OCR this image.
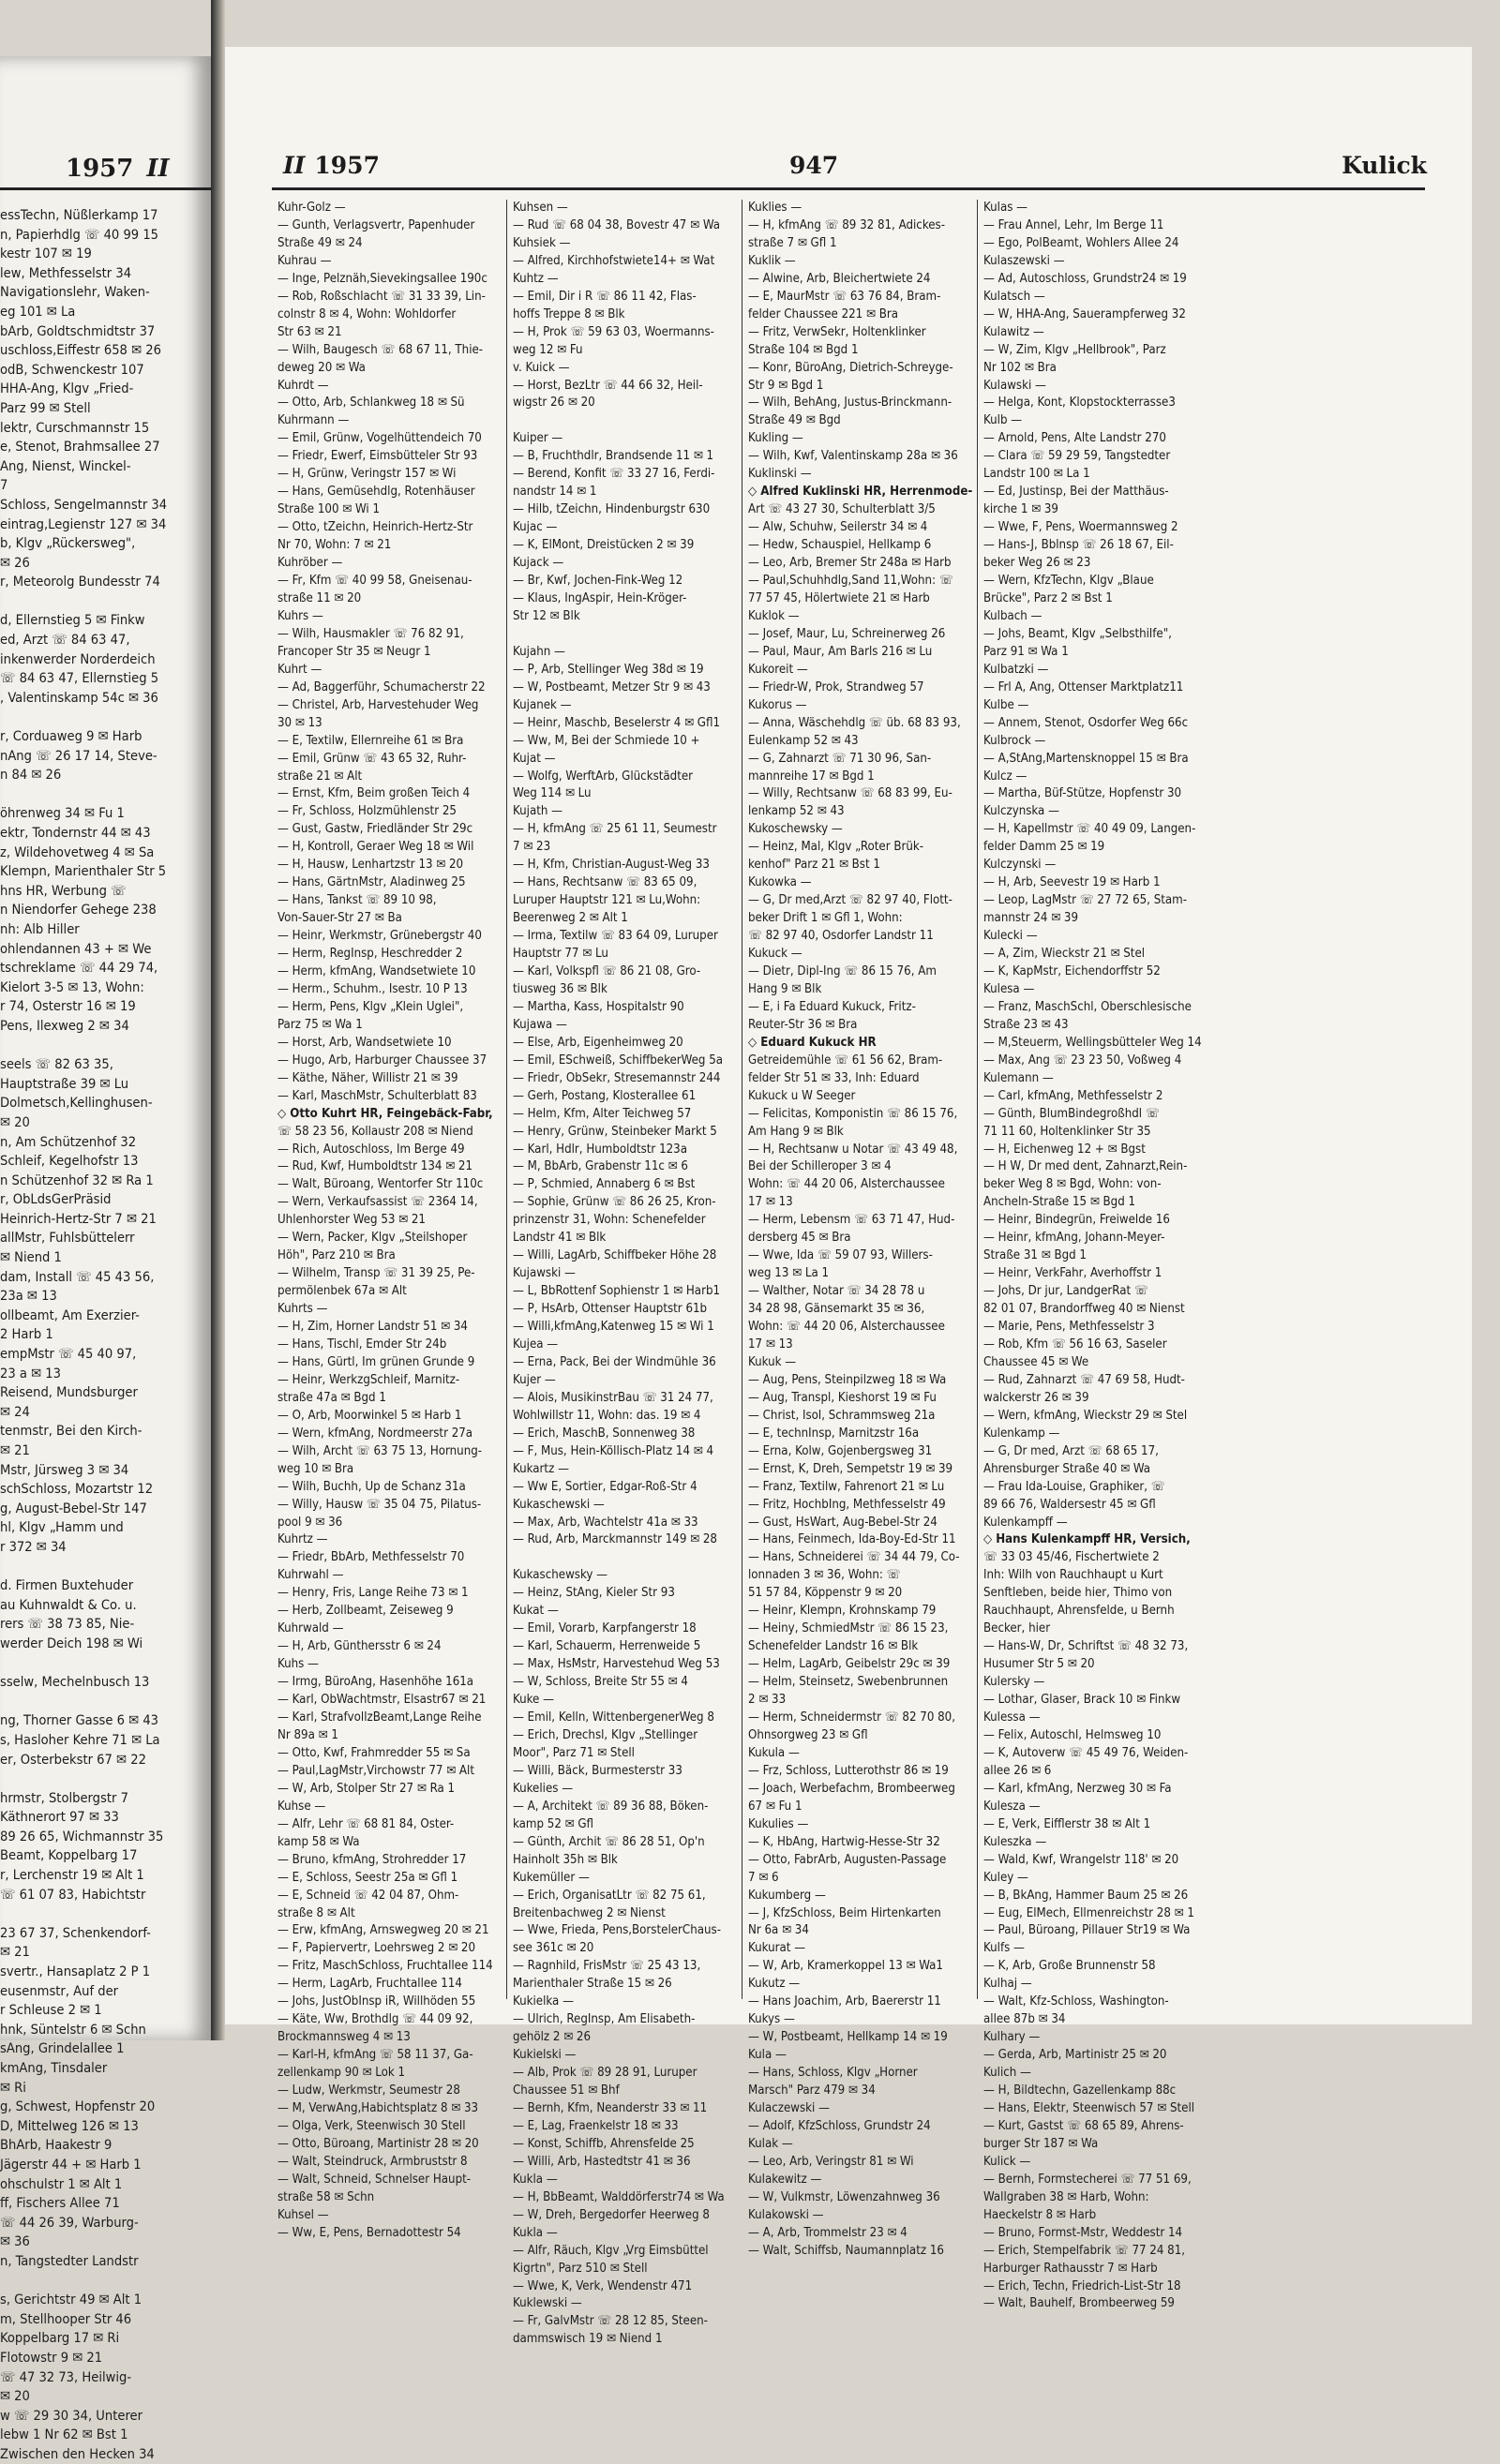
1957 II
essTechn, Nüßlerkamp 17
n, Papierhdlg ☏ 40 99 15
kestr 107 ✉ 19
lew, Methfesselstr 34
Navigationslehr, Waken-
eg 101 ✉ La
bArb, Goldtschmidtstr 37
uschloss,Eiffestr 658 ✉ 26
odB, Schwenckestr 107
HHA-Ang, Klgv „Fried-
Parz 99 ✉ Stell
lektr, Curschmannstr 15
e, Stenot, Brahmsallee 27
Ang, Nienst, Winckel-
7
Schloss, Sengelmannstr 34
eintrag,Legienstr 127 ✉ 34
b, Klgv „Rückersweg",
✉ 26
r, Meteorolg Bundesstr 74

d, Ellernstieg 5 ✉ Finkw
ed, Arzt ☏ 84 63 47,
inkenwerder Norderdeich
☏ 84 63 47, Ellernstieg 5
, Valentinskamp 54c ✉ 36

r, Corduaweg 9 ✉ Harb
nAng ☏ 26 17 14, Steve-
n 84 ✉ 26

öhrenweg 34 ✉ Fu 1
ektr, Tondernstr 44 ✉ 43
z, Wildehovetweg 4 ✉ Sa
Klempn, Marienthaler Str 5
hns HR, Werbung ☏
n Niendorfer Gehege 238
nh: Alb Hiller
ohlendannen 43 + ✉ We
tschreklame ☏ 44 29 74,
Kielort 3-5 ✉ 13, Wohn:
r 74, Osterstr 16 ✉ 19
Pens, Ilexweg 2 ✉ 34

seels ☏ 82 63 35,
Hauptstraße 39 ✉ Lu
Dolmetsch,Kellinghusen-
✉ 20
n, Am Schützenhof 32
Schleif, Kegelhofstr 13
n Schützenhof 32 ✉ Ra 1
r, ObLdsGerPräsid
Heinrich-Hertz-Str 7 ✉ 21
allMstr, Fuhlsbüttelerr
✉ Niend 1
dam, Install ☏ 45 43 56,
23a ✉ 13
ollbeamt, Am Exerzier-
2 Harb 1
empMstr ☏ 45 40 97,
23 a ✉ 13
Reisend, Mundsburger
✉ 24
tenmstr, Bei den Kirch-
✉ 21
Mstr, Jürsweg 3 ✉ 34
schSchloss, Mozartstr 12
g, August-Bebel-Str 147
hl, Klgv „Hamm und
r 372 ✉ 34

d. Firmen Buxtehuder
au Kuhnwaldt & Co. u.
rers ☏ 38 73 85, Nie-
werder Deich 198 ✉ Wi

sselw, Mechelnbusch 13

ng, Thorner Gasse 6 ✉ 43
s, Hasloher Kehre 71 ✉ La
er, Osterbekstr 67 ✉ 22

hrmstr, Stolbergstr 7
Käthnerort 97 ✉ 33
89 26 65, Wichmannstr 35
Beamt, Koppelbarg 17
r, Lerchenstr 19 ✉ Alt 1
☏ 61 07 83, Habichtstr

23 67 37, Schenkendorf-
✉ 21
svertr., Hansaplatz 2 P 1
eusenmstr, Auf der
r Schleuse 2 ✉ 1
hnk, Süntelstr 6 ✉ Schn
sAng, Grindelallee 1
kmAng, Tinsdaler
✉ Ri
g, Schwest, Hopfenstr 20
D, Mittelweg 126 ✉ 13
BhArb, Haakestr 9
Jägerstr 44 + ✉ Harb 1
ohschulstr 1 ✉ Alt 1
ff, Fischers Allee 71
☏ 44 26 39, Warburg-
✉ 36
n, Tangstedter Landstr

s, Gerichtstr 49 ✉ Alt 1
m, Stellhooper Str 46
Koppelbarg 17 ✉ Ri
Flotowstr 9 ✉ 21
☏ 47 32 73, Heilwig-
✉ 20
w ☏ 29 30 34, Unterer
lebw 1 Nr 62 ✉ Bst 1
Zwischen den Hecken 34
II 1957	947	Kulick
Kuhr-Golz —
— Gunth, Verlagsvertr, Papenhuder
Straße 49 ✉ 24
Kuhrau —
— Inge, Pelznäh,Sievekingsallee 190c
— Rob, Roßschlacht ☏ 31 33 39, Lin-
colnstr 8 ✉ 4, Wohn: Wohldorfer
Str 63 ✉ 21
— Wilh, Baugesch ☏ 68 67 11, Thie-
deweg 20 ✉ Wa
Kuhrdt —
— Otto, Arb, Schlankweg 18 ✉ Sü
Kuhrmann —
— Emil, Grünw, Vogelhüttendeich 70
— Friedr, Ewerf, Eimsbütteler Str 93
— H, Grünw, Veringstr 157 ✉ Wi
— Hans, Gemüsehdlg, Rotenhäuser
Straße 100 ✉ Wi 1
— Otto, tZeichn, Heinrich-Hertz-Str
Nr 70, Wohn: 7 ✉ 21
Kuhröber —
— Fr, Kfm ☏ 40 99 58, Gneisenau-
straße 11 ✉ 20
Kuhrs —
— Wilh, Hausmakler ☏ 76 82 91,
Francoper Str 35 ✉ Neugr 1
Kuhrt —
— Ad, Baggerführ, Schumacherstr 22
— Christel, Arb, Harvestehuder Weg
30 ✉ 13
— E, Textilw, Ellernreihe 61 ✉ Bra
— Emil, Grünw ☏ 43 65 32, Ruhr-
straße 21 ✉ Alt
— Ernst, Kfm, Beim großen Teich 4
— Fr, Schloss, Holzmühlenstr 25
— Gust, Gastw, Friedländer Str 29c
— H, Kontroll, Geraer Weg 18 ✉ Wil
— H, Hausw, Lenhartzstr 13 ✉ 20
— Hans, GärtnMstr, Aladinweg 25
— Hans, Tankst ☏ 89 10 98,
Von-Sauer-Str 27 ✉ Ba
— Heinr, Werkmstr, Grünebergstr 40
— Herm, RegInsp, Heschredder 2
— Herm, kfmAng, Wandsetwiete 10
— Herm., Schuhm., Isestr. 10 P 13
— Herm, Pens, Klgv „Klein Uglei",
Parz 75 ✉ Wa 1
— Horst, Arb, Wandsetwiete 10
— Hugo, Arb, Harburger Chaussee 37
— Käthe, Näher, Willistr 21 ✉ 39
— Karl, MaschMstr, Schulterblatt 83
◇ Otto Kuhrt HR, Feingebäck-Fabr,
☏ 58 23 56, Kollaustr 208 ✉ Niend
— Rich, Autoschloss, Im Berge 49
— Rud, Kwf, Humboldtstr 134 ✉ 21
— Walt, Büroang, Wentorfer Str 110c
— Wern, Verkaufsassist ☏ 2364 14,
Uhlenhorster Weg 53 ✉ 21
— Wern, Packer, Klgv „Steilshoper
Höh", Parz 210 ✉ Bra
— Wilhelm, Transp ☏ 31 39 25, Pe-
permölenbek 67a ✉ Alt
Kuhrts —
— H, Zim, Horner Landstr 51 ✉ 34
— Hans, Tischl, Emder Str 24b
— Hans, Gürtl, Im grünen Grunde 9
— Heinr, WerkzgSchleif, Marnitz-
straße 47a ✉ Bgd 1
— O, Arb, Moorwinkel 5 ✉ Harb 1
— Wern, kfmAng, Nordmeerstr 27a
— Wilh, Archt ☏ 63 75 13, Hornung-
weg 10 ✉ Bra
— Wilh, Buchh, Up de Schanz 31a
— Willy, Hausw ☏ 35 04 75, Pilatus-
pool 9 ✉ 36
Kuhrtz —
— Friedr, BbArb, Methfesselstr 70
Kuhrwahl —
— Henry, Fris, Lange Reihe 73 ✉ 1
— Herb, Zollbeamt, Zeiseweg 9
Kuhrwald —
— H, Arb, Günthersstr 6 ✉ 24
Kuhs —
— Irmg, BüroAng, Hasenhöhe 161a
— Karl, ObWachtmstr, Elsastr67 ✉ 21
— Karl, StrafvollzBeamt,Lange Reihe
Nr 89a ✉ 1
— Otto, Kwf, Frahmredder 55 ✉ Sa
— Paul,LagMstr,Virchowstr 77 ✉ Alt
— W, Arb, Stolper Str 27 ✉ Ra 1
Kuhse —
— Alfr, Lehr ☏ 68 81 84, Oster-
kamp 58 ✉ Wa
— Bruno, kfmAng, Strohredder 17
— E, Schloss, Seestr 25a ✉ Gfl 1
— E, Schneid ☏ 42 04 87, Ohm-
straße 8 ✉ Alt
— Erw, kfmAng, Arnswegweg 20 ✉ 21
— F, Papiervertr, Loehrsweg 2 ✉ 20
— Fritz, MaschSchloss, Fruchtallee 114
— Herm, LagArb, Fruchtallee 114
— Johs, JustObInsp iR, Willhöden 55
— Käte, Ww, Brothdlg ☏ 44 09 92,
Brockmannsweg 4 ✉ 13
— Karl-H, kfmAng ☏ 58 11 37, Ga-
zellenkamp 90 ✉ Lok 1
— Ludw, Werkmstr, Seumestr 28
— M, VerwAng,Habichtsplatz 8 ✉ 33
— Olga, Verk, Steenwisch 30 Stell
— Otto, Büroang, Martinistr 28 ✉ 20
— Walt, Steindruck, Armbruststr 8
— Walt, Schneid, Schnelser Haupt-
straße 58 ✉ Schn
Kuhsel —
— Ww, E, Pens, Bernadottestr 54
Kuhsen —
— Rud ☏ 68 04 38, Bovestr 47 ✉ Wa
Kuhsiek —
— Alfred, Kirchhofstwiete14+ ✉ Wat
Kuhtz —
— Emil, Dir i R ☏ 86 11 42, Flas-
hoffs Treppe 8 ✉ Blk
— H, Prok ☏ 59 63 03, Woermanns-
weg 12 ✉ Fu
v. Kuick —
— Horst, BezLtr ☏ 44 66 32, Heil-
wigstr 26 ✉ 20

Kuiper —
— B, Fruchthdlr, Brandsende 11 ✉ 1
— Berend, Konfit ☏ 33 27 16, Ferdi-
nandstr 14 ✉ 1
— Hilb, tZeichn, Hindenburgstr 630
Kujac —
— K, ElMont, Dreistücken 2 ✉ 39
Kujack —
— Br, Kwf, Jochen-Fink-Weg 12
— Klaus, IngAspir, Hein-Kröger-
Str 12 ✉ Blk

Kujahn —
— P, Arb, Stellinger Weg 38d ✉ 19
— W, Postbeamt, Metzer Str 9 ✉ 43
Kujanek —
— Heinr, Maschb, Beselerstr 4 ✉ Gfl1
— Ww, M, Bei der Schmiede 10 +
Kujat —
— Wolfg, WerftArb, Glückstädter
Weg 114 ✉ Lu
Kujath —
— H, kfmAng ☏ 25 61 11, Seumestr
7 ✉ 23
— H, Kfm, Christian-August-Weg 33
— Hans, Rechtsanw ☏ 83 65 09,
Luruper Hauptstr 121 ✉ Lu,Wohn:
Beerenweg 2 ✉ Alt 1
— Irma, Textilw ☏ 83 64 09, Luruper
Hauptstr 77 ✉ Lu
— Karl, Volkspfl ☏ 86 21 08, Gro-
tiusweg 36 ✉ Blk
— Martha, Kass, Hospitalstr 90
Kujawa —
— Else, Arb, Eigenheimweg 20
— Emil, ESchweiß, SchiffbekerWeg 5a
— Friedr, ObSekr, Stresemannstr 244
— Gerh, Postang, Klosterallee 61
— Helm, Kfm, Alter Teichweg 57
— Henry, Grünw, Steinbeker Markt 5
— Karl, Hdlr, Humboldtstr 123a
— M, BbArb, Grabenstr 11c ✉ 6
— P, Schmied, Annaberg 6 ✉ Bst
— Sophie, Grünw ☏ 86 26 25, Kron-
prinzenstr 31, Wohn: Schenefelder
Landstr 41 ✉ Blk
— Willi, LagArb, Schiffbeker Höhe 28
Kujawski —
— L, BbRottenf Sophienstr 1 ✉ Harb1
— P, HsArb, Ottenser Hauptstr 61b
— Willi,kfmAng,Katenweg 15 ✉ Wi 1
Kujea —
— Erna, Pack, Bei der Windmühle 36
Kujer —
— Alois, MusikinstrBau ☏ 31 24 77,
Wohlwillstr 11, Wohn: das. 19 ✉ 4
— Erich, MaschB, Sonnenweg 38
— F, Mus, Hein-Köllisch-Platz 14 ✉ 4
Kukartz —
— Ww E, Sortier, Edgar-Roß-Str 4
Kukaschewski —
— Max, Arb, Wachtelstr 41a ✉ 33
— Rud, Arb, Marckmannstr 149 ✉ 28

Kukaschewsky —
— Heinz, StAng, Kieler Str 93
Kukat —
— Emil, Vorarb, Karpfangerstr 18
— Karl, Schauerm, Herrenweide 5
— Max, HsMstr, Harvestehud Weg 53
— W, Schloss, Breite Str 55 ✉ 4
Kuke —
— Emil, Kelln, WittenbergenerWeg 8
— Erich, Drechsl, Klgv „Stellinger
Moor", Parz 71 ✉ Stell
— Willi, Bäck, Burmesterstr 33
Kukelies —
— A, Architekt ☏ 89 36 88, Böken-
kamp 52 ✉ Gfl
— Günth, Archit ☏ 86 28 51, Op'n
Hainholt 35h ✉ Blk
Kukemüller —
— Erich, OrganisatLtr ☏ 82 75 61,
Breitenbachweg 2 ✉ Nienst
— Wwe, Frieda, Pens,BorstelerChaus-
see 361c ✉ 20
— Ragnhild, FrisMstr ☏ 25 43 13,
Marienthaler Straße 15 ✉ 26
Kukielka —
— Ulrich, RegInsp, Am Elisabeth-
gehölz 2 ✉ 26
Kukielski —
— Alb, Prok ☏ 89 28 91, Luruper
Chaussee 51 ✉ Bhf
— Bernh, Kfm, Neanderstr 33 ✉ 11
— E, Lag, Fraenkelstr 18 ✉ 33
— Konst, Schiffb, Ahrensfelde 25
— Willi, Arb, Hastedtstr 41 ✉ 36
Kukla —
— H, BbBeamt, Walddörferstr74 ✉ Wa
— W, Dreh, Bergedorfer Heerweg 8
Kukla —
— Alfr, Räuch, Klgv „Vrg Eimsbüttel
Kigrtn", Parz 510 ✉ Stell
— Wwe, K, Verk, Wendenstr 471
Kuklewski —
— Fr, GalvMstr ☏ 28 12 85, Steen-
dammswisch 19 ✉ Niend 1
Kuklies —
— H, kfmAng ☏ 89 32 81, Adickes-
straße 7 ✉ Gfl 1
Kuklik —
— Alwine, Arb, Bleichertwiete 24
— E, MaurMstr ☏ 63 76 84, Bram-
felder Chaussee 221 ✉ Bra
— Fritz, VerwSekr, Holtenklinker
Straße 104 ✉ Bgd 1
— Konr, BüroAng, Dietrich-Schreyge-
Str 9 ✉ Bgd 1
— Wilh, BehAng, Justus-Brinckmann-
Straße 49 ✉ Bgd
Kukling —
— Wilh, Kwf, Valentinskamp 28a ✉ 36
Kuklinski —
◇ Alfred Kuklinski HR, Herrenmode-
Art ☏ 43 27 30, Schulterblatt 3/5
— Alw, Schuhw, Seilerstr 34 ✉ 4
— Hedw, Schauspiel, Hellkamp 6
— Leo, Arb, Bremer Str 248a ✉ Harb
— Paul,Schuhhdlg,Sand 11,Wohn: ☏
77 57 45, Hölertwiete 21 ✉ Harb
Kuklok —
— Josef, Maur, Lu, Schreinerweg 26
— Paul, Maur, Am Barls 216 ✉ Lu
Kukoreit —
— Friedr-W, Prok, Strandweg 57
Kukorus —
— Anna, Wäschehdlg ☏ üb. 68 83 93,
Eulenkamp 52 ✉ 43
— G, Zahnarzt ☏ 71 30 96, San-
mannreihe 17 ✉ Bgd 1
— Willy, Rechtsanw ☏ 68 83 99, Eu-
lenkamp 52 ✉ 43
Kukoschewsky —
— Heinz, Mal, Klgv „Roter Brük-
kenhof" Parz 21 ✉ Bst 1
Kukowka —
— G, Dr med,Arzt ☏ 82 97 40, Flott-
beker Drift 1 ✉ Gfl 1, Wohn:
☏ 82 97 40, Osdorfer Landstr 11
Kukuck —
— Dietr, Dipl-Ing ☏ 86 15 76, Am
Hang 9 ✉ Blk
— E, i Fa Eduard Kukuck, Fritz-
Reuter-Str 36 ✉ Bra
◇ Eduard Kukuck HR
Getreidemühle ☏ 61 56 62, Bram-
felder Str 51 ✉ 33, Inh: Eduard
Kukuck u W Seeger
— Felicitas, Komponistin ☏ 86 15 76,
Am Hang 9 ✉ Blk
— H, Rechtsanw u Notar ☏ 43 49 48,
Bei der Schilleroper 3 ✉ 4
Wohn: ☏ 44 20 06, Alsterchaussee
17 ✉ 13
— Herm, Lebensm ☏ 63 71 47, Hud-
dersberg 45 ✉ Bra
— Wwe, Ida ☏ 59 07 93, Willers-
weg 13 ✉ La 1
— Walther, Notar ☏ 34 28 78 u
34 28 98, Gänsemarkt 35 ✉ 36,
Wohn: ☏ 44 20 06, Alsterchaussee
17 ✉ 13
Kukuk —
— Aug, Pens, Steinpilzweg 18 ✉ Wa
— Aug, Transpl, Kieshorst 19 ✉ Fu
— Christ, Isol, Schrammsweg 21a
— E, technInsp, Marnitzstr 16a
— Erna, Kolw, Gojenbergsweg 31
— Ernst, K, Dreh, Sempetstr 19 ✉ 39
— Franz, Textilw, Fahrenort 21 ✉ Lu
— Fritz, HochbIng, Methfesselstr 49
— Gust, HsWart, Aug-Bebel-Str 24
— Hans, Feinmech, Ida-Boy-Ed-Str 11
— Hans, Schneiderei ☏ 34 44 79, Co-
lonnaden 3 ✉ 36, Wohn: ☏
51 57 84, Köppenstr 9 ✉ 20
— Heinr, Klempn, Krohnskamp 79
— Heiny, SchmiedMstr ☏ 86 15 23,
Schenefelder Landstr 16 ✉ Blk
— Helm, LagArb, Geibelstr 29c ✉ 39
— Helm, Steinsetz, Swebenbrunnen
2 ✉ 33
— Herm, Schneidermstr ☏ 82 70 80,
Ohnsorgweg 23 ✉ Gfl
Kukula —
— Frz, Schloss, Lutterothstr 86 ✉ 19
— Joach, Werbefachm, Brombeerweg
67 ✉ Fu 1
Kukulies —
— K, HbAng, Hartwig-Hesse-Str 32
— Otto, FabrArb, Augusten-Passage
7 ✉ 6
Kukumberg —
— J, KfzSchloss, Beim Hirtenkarten
Nr 6a ✉ 34
Kukurat —
— W, Arb, Kramerkoppel 13 ✉ Wa1
Kukutz —
— Hans Joachim, Arb, Baererstr 11
Kukys —
— W, Postbeamt, Hellkamp 14 ✉ 19
Kula —
— Hans, Schloss, Klgv „Horner
Marsch" Parz 479 ✉ 34
Kulaczewski —
— Adolf, KfzSchloss, Grundstr 24
Kulak —
— Leo, Arb, Veringstr 81 ✉ Wi
Kulakewitz —
— W, Vulkmstr, Löwenzahnweg 36
Kulakowski —
— A, Arb, Trommelstr 23 ✉ 4
— Walt, Schiffsb, Naumannplatz 16
Kulas —
— Frau Annel, Lehr, Im Berge 11
— Ego, PolBeamt, Wohlers Allee 24
Kulaszewski —
— Ad, Autoschloss, Grundstr24 ✉ 19
Kulatsch —
— W, HHA-Ang, Sauerampferweg 32
Kulawitz —
— W, Zim, Klgv „Hellbrook", Parz
Nr 102 ✉ Bra
Kulawski —
— Helga, Kont, Klopstockterrasse3
Kulb —
— Arnold, Pens, Alte Landstr 270
— Clara ☏ 59 29 59, Tangstedter
Landstr 100 ✉ La 1
— Ed, Justinsp, Bei der Matthäus-
kirche 1 ✉ 39
— Wwe, F, Pens, Woermannsweg 2
— Hans-J, Bblnsp ☏ 26 18 67, Eil-
beker Weg 26 ✉ 23
— Wern, KfzTechn, Klgv „Blaue
Brücke", Parz 2 ✉ Bst 1
Kulbach —
— Johs, Beamt, Klgv „Selbsthilfe",
Parz 91 ✉ Wa 1
Kulbatzki —
— Frl A, Ang, Ottenser Marktplatz11
Kulbe —
— Annem, Stenot, Osdorfer Weg 66c
Kulbrock —
— A,StAng,Martensknoppel 15 ✉ Bra
Kulcz —
— Martha, Büf-Stütze, Hopfenstr 30
Kulczynska —
— H, Kapellmstr ☏ 40 49 09, Langen-
felder Damm 25 ✉ 19
Kulczynski —
— H, Arb, Seevestr 19 ✉ Harb 1
— Leop, LagMstr ☏ 27 72 65, Stam-
mannstr 24 ✉ 39
Kulecki —
— A, Zim, Wieckstr 21 ✉ Stel
— K, KapMstr, Eichendorffstr 52
Kulesa —
— Franz, MaschSchl, Oberschlesische
Straße 23 ✉ 43
— M,Steuerm, Wellingsbütteler Weg 14
— Max, Ang ☏ 23 23 50, Voßweg 4
Kulemann —
— Carl, kfmAng, Methfesselstr 2
— Günth, BlumBindegroßhdl ☏
71 11 60, Holtenklinker Str 35
— H, Eichenweg 12 + ✉ Bgst
— H W, Dr med dent, Zahnarzt,Rein-
beker Weg 8 ✉ Bgd, Wohn: von-
Ancheln-Straße 15 ✉ Bgd 1
— Heinr, Bindegrün, Freiwelde 16
— Heinr, kfmAng, Johann-Meyer-
Straße 31 ✉ Bgd 1
— Heinr, VerkFahr, Averhoffstr 1
— Johs, Dr jur, LandgerRat ☏
82 01 07, Brandorffweg 40 ✉ Nienst
— Marie, Pens, Methfesselstr 3
— Rob, Kfm ☏ 56 16 63, Saseler
Chaussee 45 ✉ We
— Rud, Zahnarzt ☏ 47 69 58, Hudt-
walckerstr 26 ✉ 39
— Wern, kfmAng, Wieckstr 29 ✉ Stel
Kulenkamp —
— G, Dr med, Arzt ☏ 68 65 17,
Ahrensburger Straße 40 ✉ Wa
— Frau Ida-Louise, Graphiker, ☏
89 66 76, Waldersestr 45 ✉ Gfl
Kulenkampff —
◇ Hans Kulenkampff HR, Versich,
☏ 33 03 45/46, Fischertwiete 2
Inh: Wilh von Rauchhaupt u Kurt
Senftleben, beide hier, Thimo von
Rauchhaupt, Ahrensfelde, u Bernh
Becker, hier
— Hans-W, Dr, Schriftst ☏ 48 32 73,
Husumer Str 5 ✉ 20
Kulersky —
— Lothar, Glaser, Brack 10 ✉ Finkw
Kulessa —
— Felix, Autoschl, Helmsweg 10
— K, Autoverw ☏ 45 49 76, Weiden-
allee 26 ✉ 6
— Karl, kfmAng, Nerzweg 30 ✉ Fa
Kulesza —
— E, Verk, Eifflerstr 38 ✉ Alt 1
Kuleszka —
— Wald, Kwf, Wrangelstr 118' ✉ 20
Kuley —
— B, BkAng, Hammer Baum 25 ✉ 26
— Eug, ElMech, Ellmenreichstr 28 ✉ 1
— Paul, Büroang, Pillauer Str19 ✉ Wa
Kulfs —
— K, Arb, Große Brunnenstr 58
Kulhaj —
— Walt, Kfz-Schloss, Washington-
allee 87b ✉ 34
Kulhary —
— Gerda, Arb, Martinistr 25 ✉ 20
Kulich —
— H, Bildtechn, Gazellenkamp 88c
— Hans, Elektr, Steenwisch 57 ✉ Stell
— Kurt, Gastst ☏ 68 65 89, Ahrens-
burger Str 187 ✉ Wa
Kulick —
— Bernh, Formstecherei ☏ 77 51 69,
Wallgraben 38 ✉ Harb, Wohn:
Haeckelstr 8 ✉ Harb
— Bruno, Formst-Mstr, Weddestr 14
— Erich, Stempelfabrik ☏ 77 24 81,
Harburger Rathausstr 7 ✉ Harb
— Erich, Techn, Friedrich-List-Str 18
— Walt, Bauhelf, Brombeerweg 59
